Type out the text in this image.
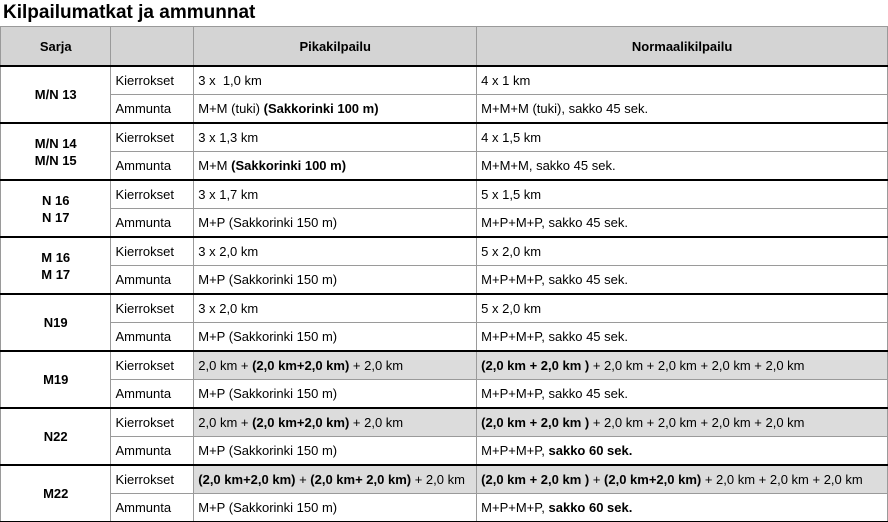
Kilpailumatkat ja ammunnat
Sarja		Pikakilpailu	Normaalikilpailu
M/N 13	Kierrokset	3 x  1,0 km	4 x 1 km
	Ammunta	M+M (tuki) (Sakkorinki 100 m)	M+M+M (tuki), sakko 45 sek.
M/N 14
M/N 15	Kierrokset	3 x 1,3 km	4 x 1,5 km
	Ammunta	M+M (Sakkorinki 100 m)	M+M+M, sakko 45 sek.
N 16
N 17	Kierrokset	3 x 1,7 km	5 x 1,5 km
	Ammunta	M+P (Sakkorinki 150 m)	M+P+M+P, sakko 45 sek.
M 16
M 17	Kierrokset	3 x 2,0 km	5 x 2,0 km
	Ammunta	M+P (Sakkorinki 150 m)	M+P+M+P, sakko 45 sek.
N19	Kierrokset	3 x 2,0 km	5 x 2,0 km
	Ammunta	M+P (Sakkorinki 150 m)	M+P+M+P, sakko 45 sek.
M19	Kierrokset	2,0 km + (2,0 km+2,0 km) + 2,0 km	(2,0 km + 2,0 km ) + 2,0 km + 2,0 km + 2,0 km + 2,0 km
	Ammunta	M+P (Sakkorinki 150 m)	M+P+M+P, sakko 45 sek.
N22	Kierrokset	2,0 km + (2,0 km+2,0 km) + 2,0 km	(2,0 km + 2,0 km ) + 2,0 km + 2,0 km + 2,0 km + 2,0 km
	Ammunta	M+P (Sakkorinki 150 m)	M+P+M+P, sakko 60 sek.
M22	Kierrokset	(2,0 km+2,0 km) + (2,0 km+ 2,0 km) + 2,0 km	(2,0 km + 2,0 km ) + (2,0 km+2,0 km) + 2,0 km + 2,0 km + 2,0 km
	Ammunta	M+P (Sakkorinki 150 m)	M+P+M+P, sakko 60 sek.
